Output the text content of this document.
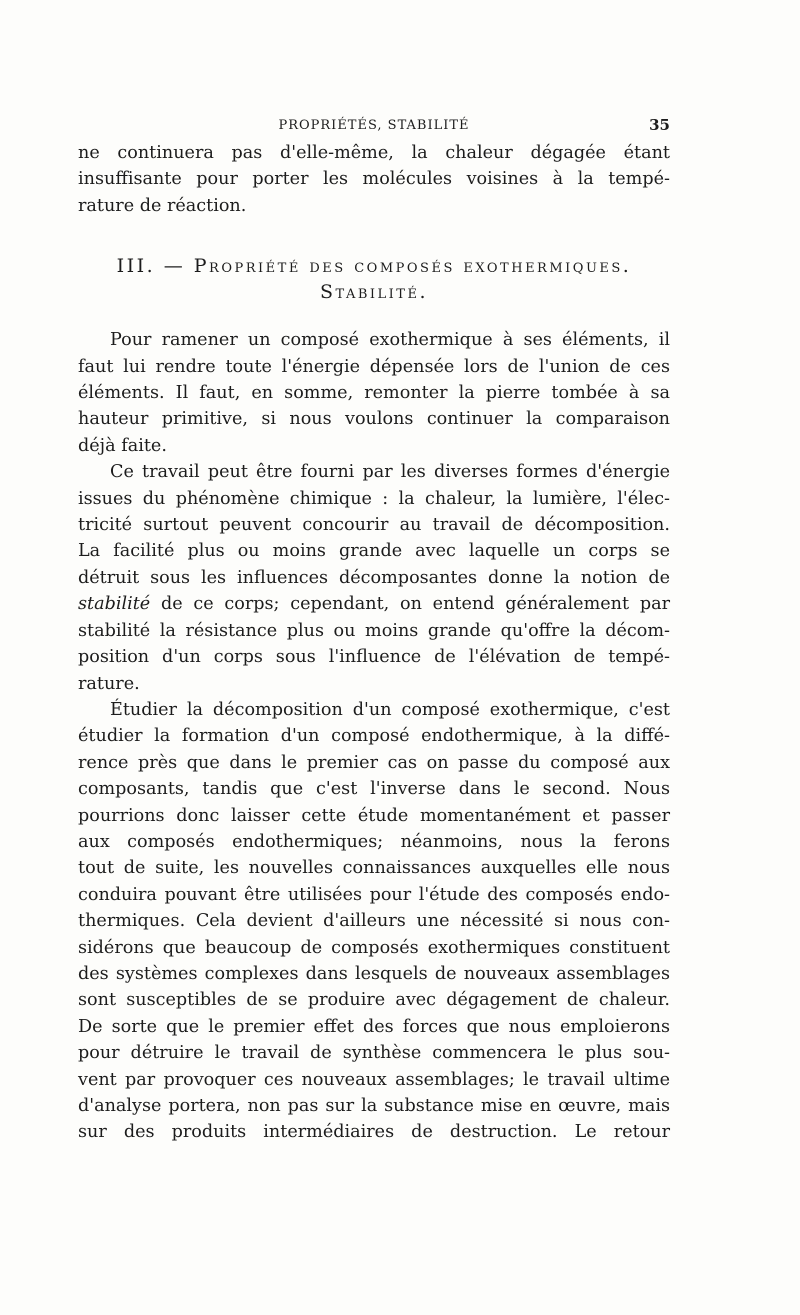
PROPRIÉTÉS, STABILITÉ	35

ne continuera pas d'elle-même, la chaleur dégagée étant
insuffisante pour porter les molécules voisines à la tempé-
rature de réaction.

III. — Propriété des composés exothermiques.
Stabilité.

Pour ramener un composé exothermique à ses éléments, il
faut lui rendre toute l'énergie dépensée lors de l'union de ces
éléments. Il faut, en somme, remonter la pierre tombée à sa
hauteur primitive, si nous voulons continuer la comparaison
déjà faite.

Ce travail peut être fourni par les diverses formes d'énergie
issues du phénomène chimique : la chaleur, la lumière, l'élec-
tricité surtout peuvent concourir au travail de décomposition.
La facilité plus ou moins grande avec laquelle un corps se
détruit sous les influences décomposantes donne la notion de
stabilité de ce corps; cependant, on entend généralement par
stabilité la résistance plus ou moins grande qu'offre la décom-
position d'un corps sous l'influence de l'élévation de tempé-
rature.

Étudier la décomposition d'un composé exothermique, c'est
étudier la formation d'un composé endothermique, à la diffé-
rence près que dans le premier cas on passe du composé aux
composants, tandis que c'est l'inverse dans le second. Nous
pourrions donc laisser cette étude momentanément et passer
aux composés endothermiques; néanmoins, nous la ferons
tout de suite, les nouvelles connaissances auxquelles elle nous
conduira pouvant être utilisées pour l'étude des composés endo-
thermiques. Cela devient d'ailleurs une nécessité si nous con-
sidérons que beaucoup de composés exothermiques constituent
des systèmes complexes dans lesquels de nouveaux assemblages
sont susceptibles de se produire avec dégagement de chaleur.
De sorte que le premier effet des forces que nous emploierons
pour détruire le travail de synthèse commencera le plus sou-
vent par provoquer ces nouveaux assemblages; le travail ultime
d'analyse portera, non pas sur la substance mise en œuvre, mais
sur des produits intermédiaires de destruction. Le retour
